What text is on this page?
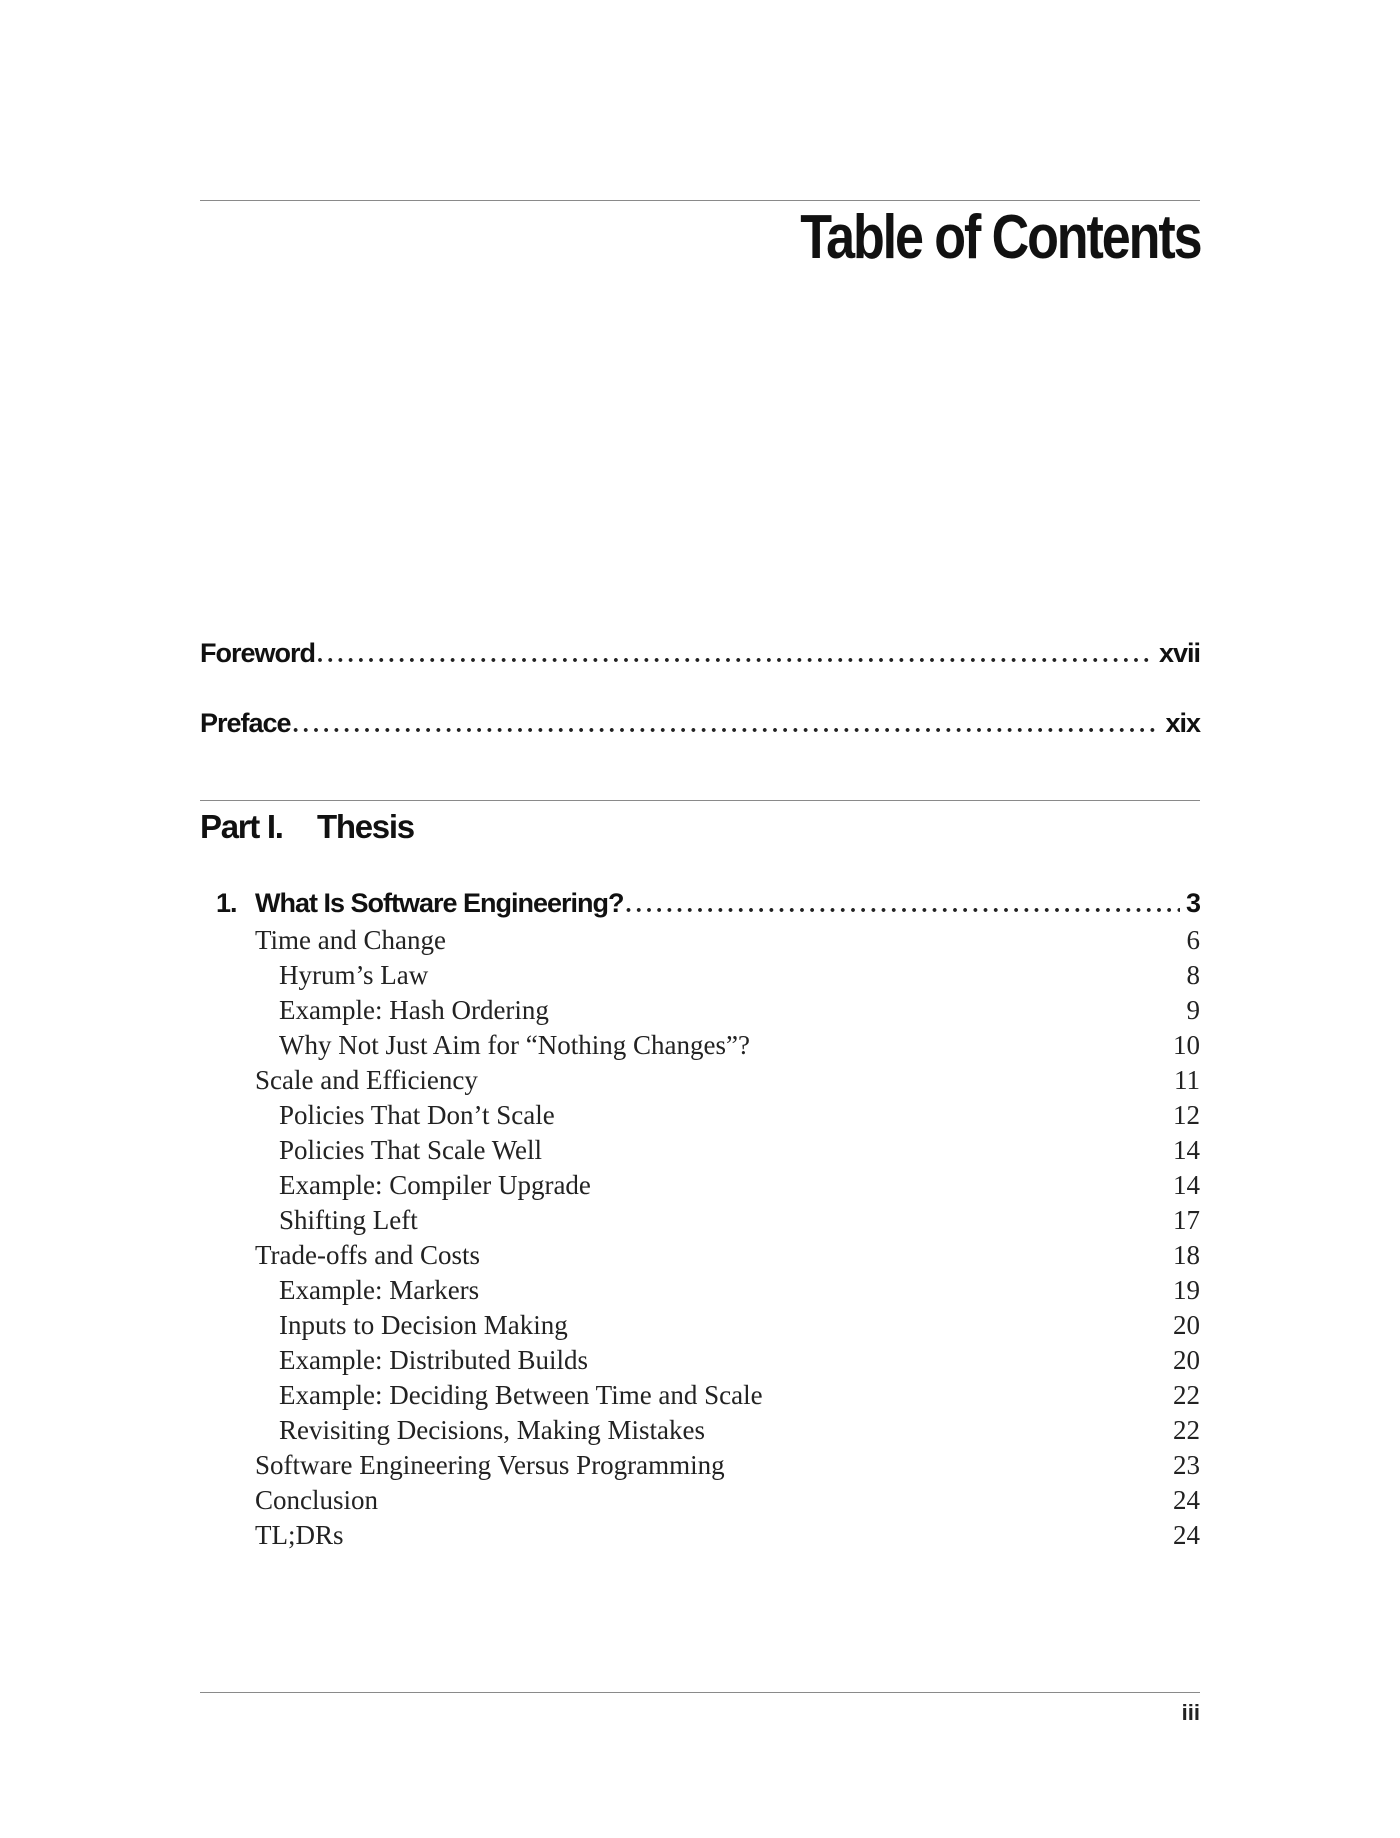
Table of Contents
Foreword .....	xvii
Preface .....	xix
Part I.	Thesis
1. What Is Software Engineering? .....	3
Time and Change	6
Hyrum’s Law	8
Example: Hash Ordering	9
Why Not Just Aim for “Nothing Changes”?	10
Scale and Efficiency	11
Policies That Don’t Scale	12
Policies That Scale Well	14
Example: Compiler Upgrade	14
Shifting Left	17
Trade-offs and Costs	18
Example: Markers	19
Inputs to Decision Making	20
Example: Distributed Builds	20
Example: Deciding Between Time and Scale	22
Revisiting Decisions, Making Mistakes	22
Software Engineering Versus Programming	23
Conclusion	24
TL;DRs	24
iii
